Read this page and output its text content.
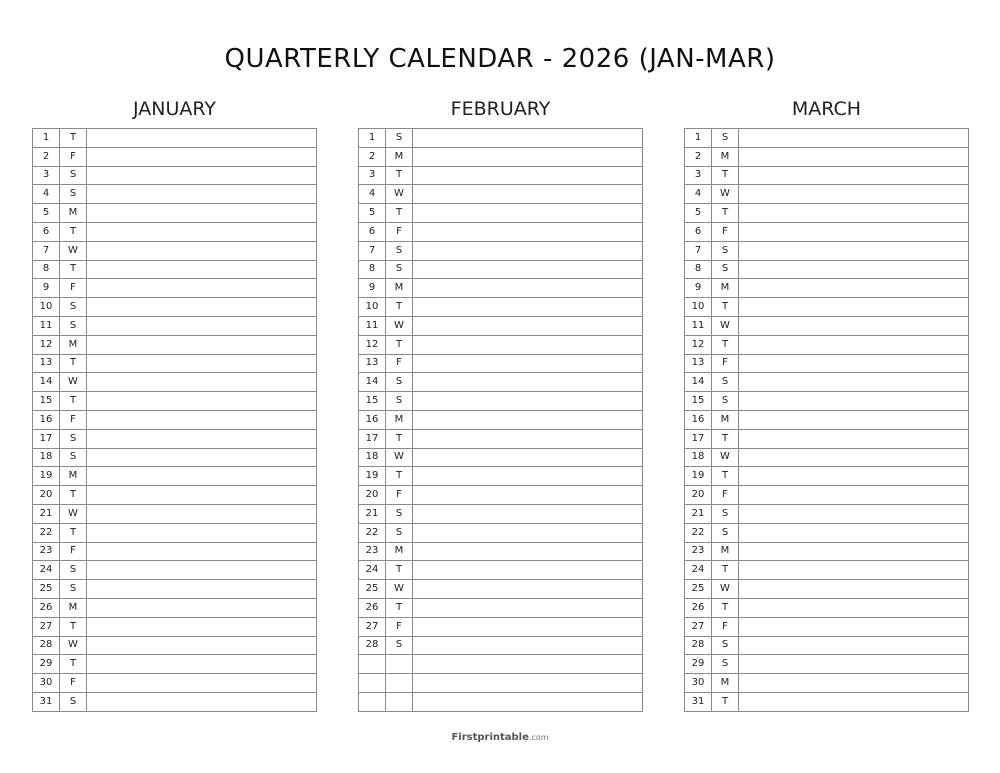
QUARTERLY CALENDAR - 2026 (JAN-MAR)
JANUARY
1	T	
2	F	
3	S	
4	S	
5	M	
6	T	
7	W	
8	T	
9	F	
10	S	
11	S	
12	M	
13	T	
14	W	
15	T	
16	F	
17	S	
18	S	
19	M	
20	T	
21	W	
22	T	
23	F	
24	S	
25	S	
26	M	
27	T	
28	W	
29	T	
30	F	
31	S	
FEBRUARY
1	S	
2	M	
3	T	
4	W	
5	T	
6	F	
7	S	
8	S	
9	M	
10	T	
11	W	
12	T	
13	F	
14	S	
15	S	
16	M	
17	T	
18	W	
19	T	
20	F	
21	S	
22	S	
23	M	
24	T	
25	W	
26	T	
27	F	
28	S	

MARCH
1	S	
2	M	
3	T	
4	W	
5	T	
6	F	
7	S	
8	S	
9	M	
10	T	
11	W	
12	T	
13	F	
14	S	
15	S	
16	M	
17	T	
18	W	
19	T	
20	F	
21	S	
22	S	
23	M	
24	T	
25	W	
26	T	
27	F	
28	S	
29	S	
30	M	
31	T	
Firstprintable.com
